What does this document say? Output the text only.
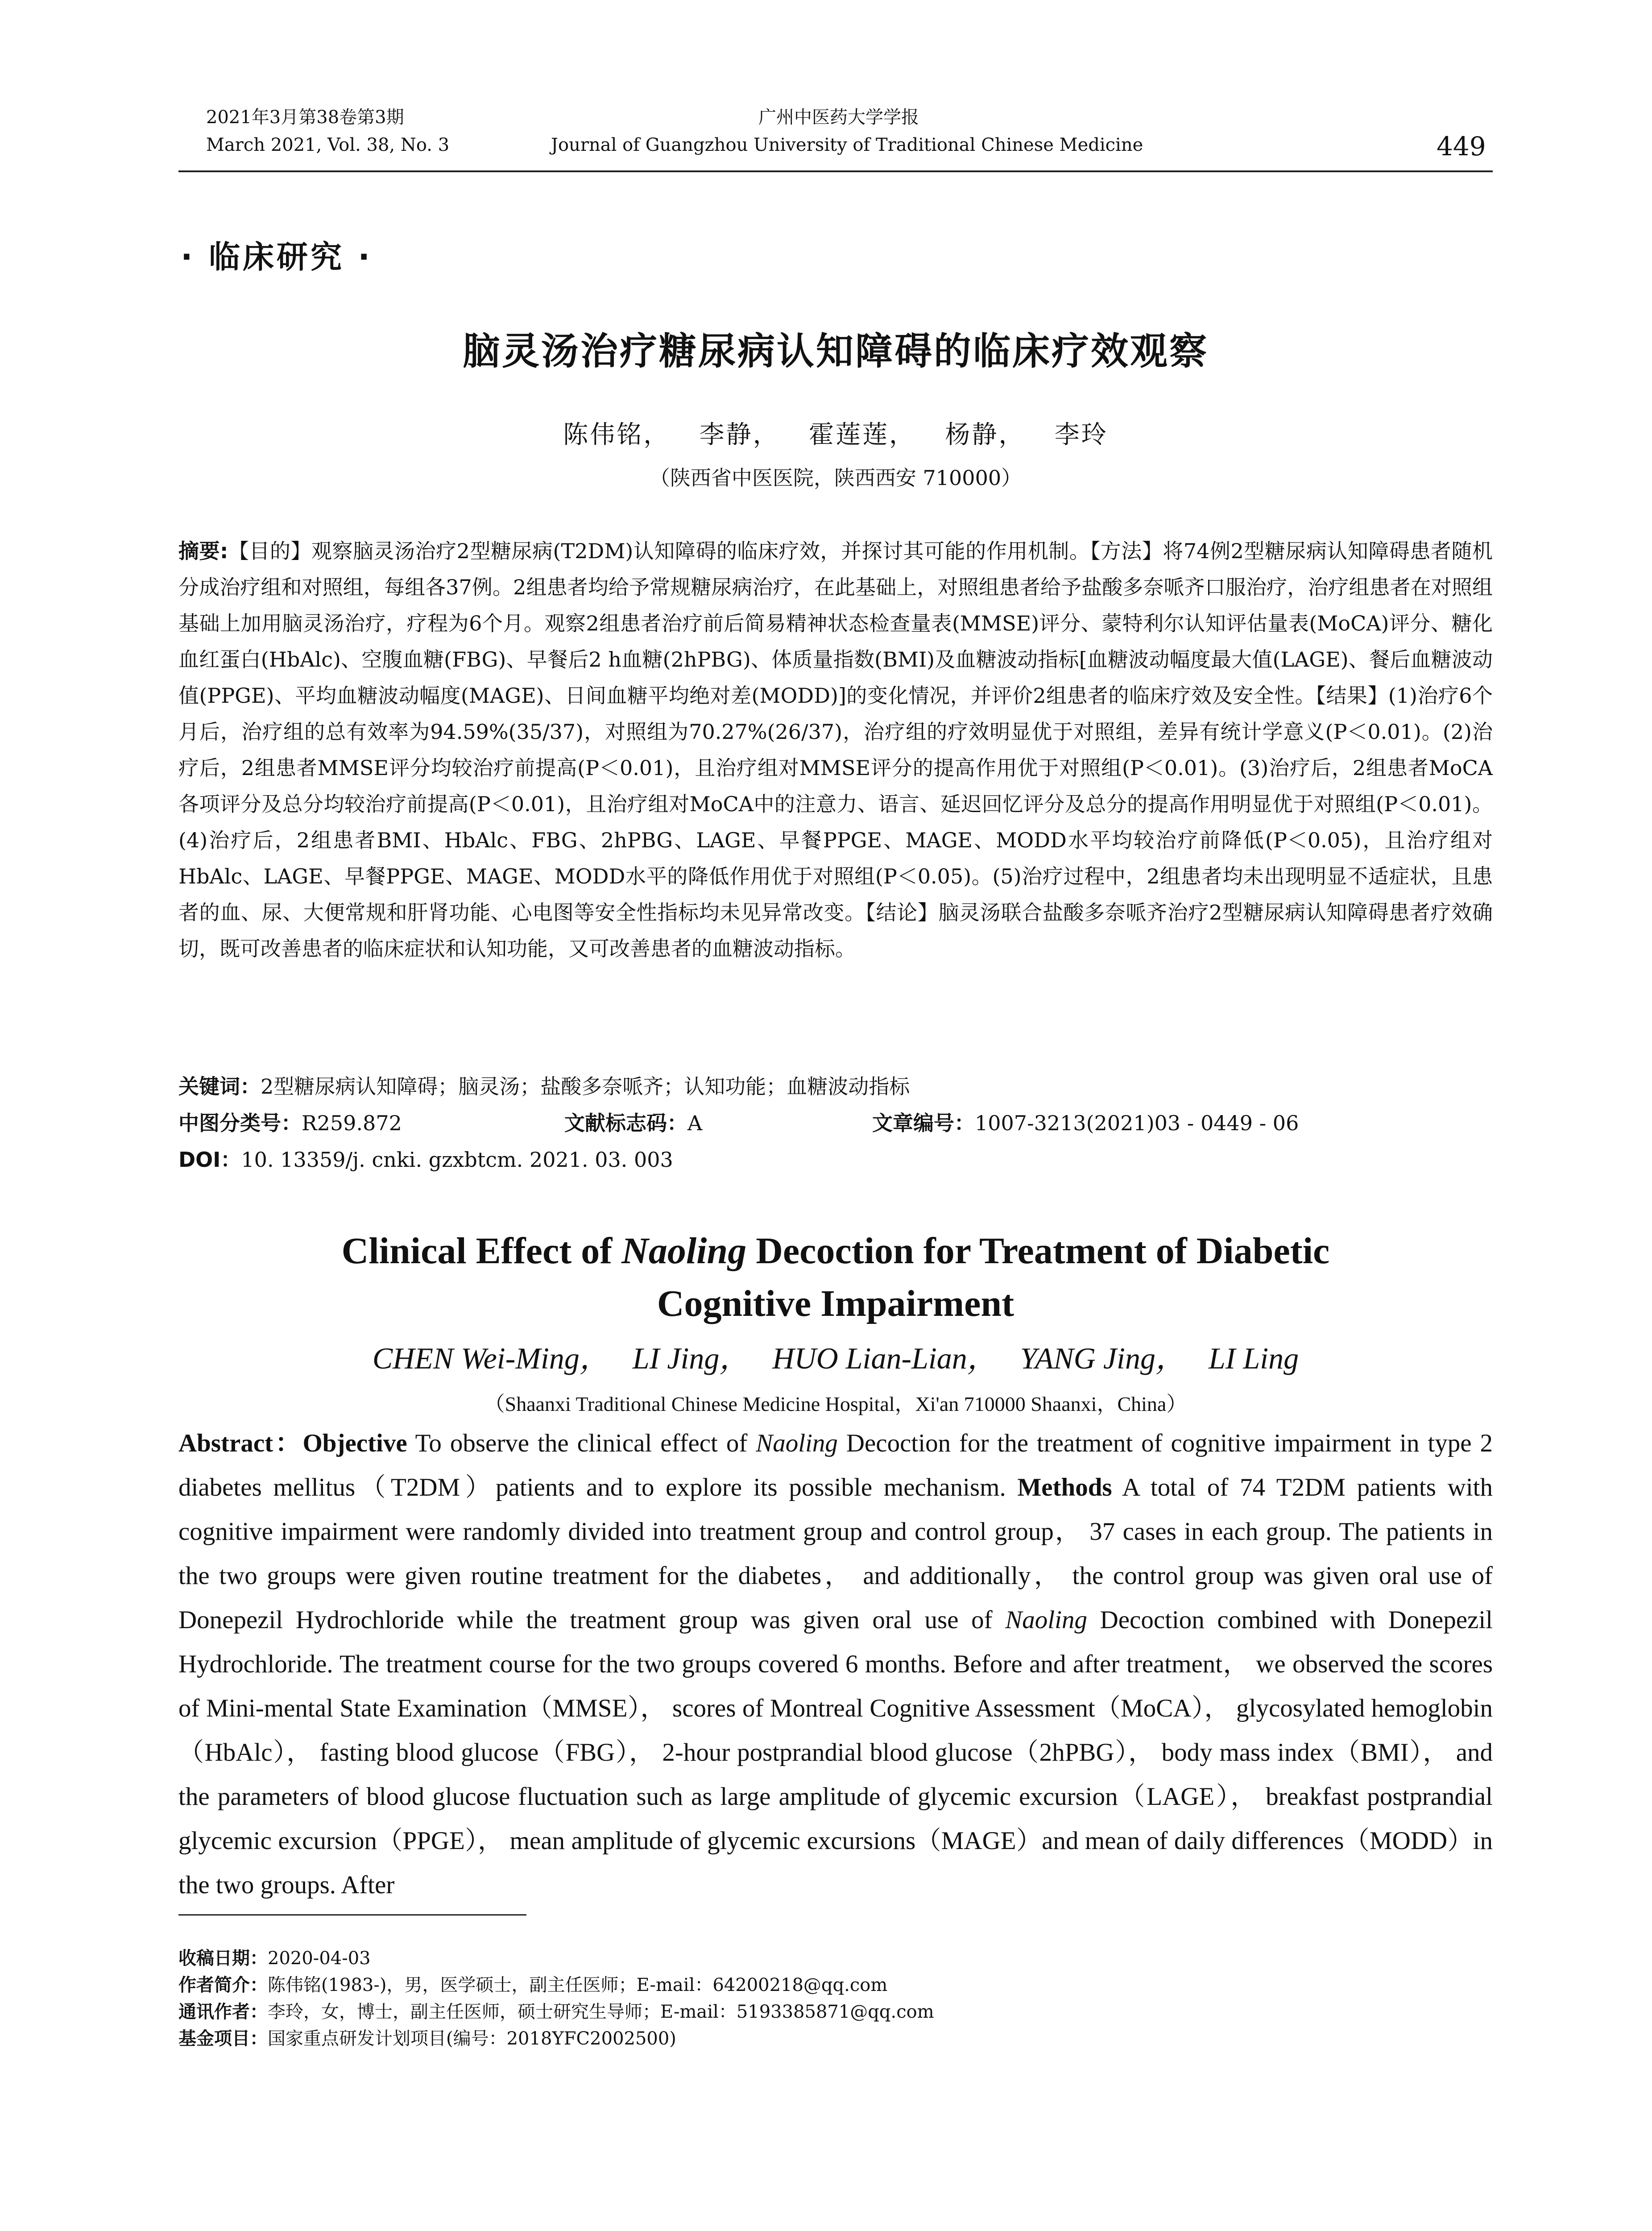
2021年3月第38卷第3期
March 2021, Vol. 38, No. 3
广州中医药大学学报
Journal of Guangzhou University of Traditional Chinese Medicine	449
· 临床研究 ·
脑灵汤治疗糖尿病认知障碍的临床疗效观察
陈伟铭，   李静，   霍莲莲，   杨静，   李玲
（陕西省中医医院，陕西西安 710000）
摘要:【目的】观察脑灵汤治疗2型糖尿病(T2DM)认知障碍的临床疗效，并探讨其可能的作用机制。【方法】将74例2型糖尿病认知障碍患者随机分成治疗组和对照组，每组各37例。2组患者均给予常规糖尿病治疗，在此基础上，对照组患者给予盐酸多奈哌齐口服治疗，治疗组患者在对照组基础上加用脑灵汤治疗，疗程为6个月。观察2组患者治疗前后简易精神状态检查量表(MMSE)评分、蒙特利尔认知评估量表(MoCA)评分、糖化血红蛋白(HbAlc)、空腹血糖(FBG)、早餐后2 h血糖(2hPBG)、体质量指数(BMI)及血糖波动指标[血糖波动幅度最大值(LAGE)、餐后血糖波动值(PPGE)、平均血糖波动幅度(MAGE)、日间血糖平均绝对差(MODD)]的变化情况，并评价2组患者的临床疗效及安全性。【结果】(1)治疗6个月后，治疗组的总有效率为94.59%(35/37)，对照组为70.27%(26/37)，治疗组的疗效明显优于对照组，差异有统计学意义(P＜0.01)。(2)治疗后，2组患者MMSE评分均较治疗前提高(P＜0.01)，且治疗组对MMSE评分的提高作用优于对照组(P＜0.01)。(3)治疗后，2组患者MoCA各项评分及总分均较治疗前提高(P＜0.01)，且治疗组对MoCA中的注意力、语言、延迟回忆评分及总分的提高作用明显优于对照组(P＜0.01)。(4)治疗后，2组患者BMI、HbAlc、FBG、2hPBG、LAGE、早餐PPGE、MAGE、MODD水平均较治疗前降低(P＜0.05)，且治疗组对HbAlc、LAGE、早餐PPGE、MAGE、MODD水平的降低作用优于对照组(P＜0.05)。(5)治疗过程中，2组患者均未出现明显不适症状，且患者的血、尿、大便常规和肝肾功能、心电图等安全性指标均未见异常改变。【结论】脑灵汤联合盐酸多奈哌齐治疗2型糖尿病认知障碍患者疗效确切，既可改善患者的临床症状和认知功能，又可改善患者的血糖波动指标。
关键词：2型糖尿病认知障碍；脑灵汤；盐酸多奈哌齐；认知功能；血糖波动指标
中图分类号：R259.872	文献标志码：A	文章编号：1007-3213(2021)03 - 0449 - 06
DOI：10. 13359/j. cnki. gzxbtcm. 2021. 03. 003
Clinical Effect of Naoling Decoction for Treatment of Diabetic Cognitive Impairment
CHEN Wei-Ming，   LI Jing，   HUO Lian-Lian，   YANG Jing，   LI Ling
（Shaanxi Traditional Chinese Medicine Hospital，Xi'an 710000 Shaanxi，China）
Abstract：Objective To observe the clinical effect of Naoling Decoction for the treatment of cognitive impairment in type 2 diabetes mellitus（T2DM）patients and to explore its possible mechanism. Methods A total of 74 T2DM patients with cognitive impairment were randomly divided into treatment group and control group， 37 cases in each group. The patients in the two groups were given routine treatment for the diabetes， and additionally， the control group was given oral use of Donepezil Hydrochloride while the treatment group was given oral use of Naoling Decoction combined with Donepezil Hydrochloride. The treatment course for the two groups covered 6 months. Before and after treatment， we observed the scores of Mini-mental State Examination（MMSE）， scores of Montreal Cognitive Assessment（MoCA）， glycosylated hemoglobin（HbAlc）， fasting blood glucose（FBG）， 2-hour postprandial blood glucose（2hPBG）， body mass index（BMI）， and the parameters of blood glucose fluctuation such as large amplitude of glycemic excursion（LAGE）， breakfast postprandial glycemic excursion（PPGE）， mean amplitude of glycemic excursions（MAGE）and mean of daily differences（MODD）in the two groups. After
收稿日期：2020-04-03
作者简介：陈伟铭(1983-)，男，医学硕士，副主任医师；E-mail：64200218@qq.com
通讯作者：李玲，女，博士，副主任医师，硕士研究生导师；E-mail：5193385871@qq.com
基金项目：国家重点研发计划项目(编号：2018YFC2002500)
